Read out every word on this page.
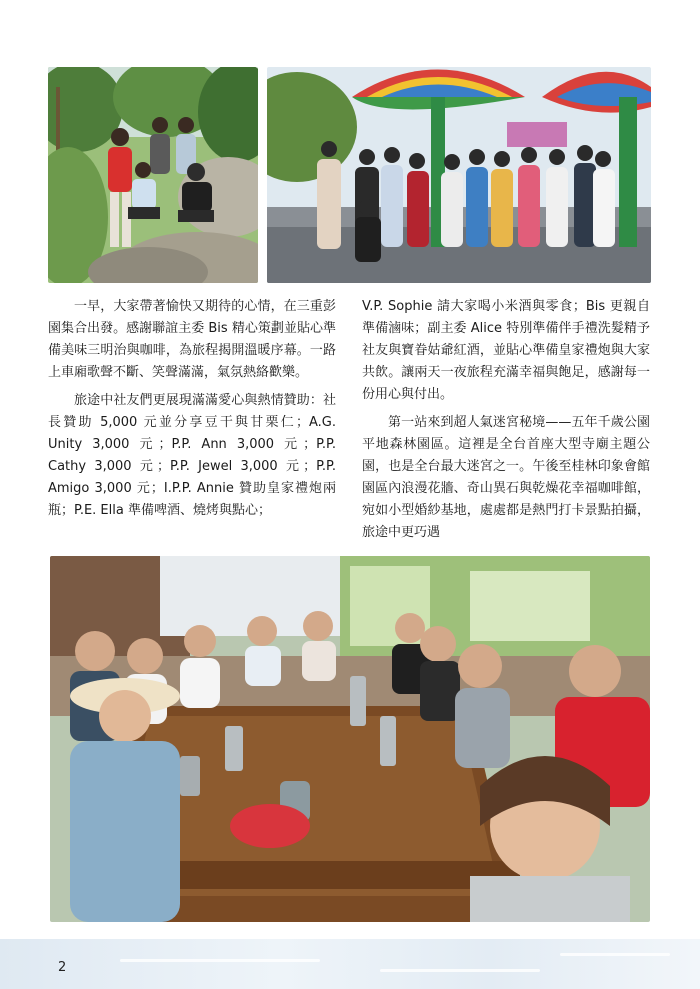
一早，大家帶著愉快又期待的心情，在三重彭園集合出發。感謝聯誼主委 Bis 精心策劃並貼心準備美味三明治與咖啡，為旅程揭開溫暖序幕。一路上車廂歌聲不斷、笑聲滿滿，氣氛熱絡歡樂。

旅途中社友們更展現滿滿愛心與熱情贊助：社長贊助 5,000 元並分享豆干與甘栗仁；A.G. Unity 3,000 元；P.P. Ann 3,000 元；P.P. Cathy 3,000 元；P.P. Jewel 3,000 元；P.P. Amigo 3,000 元；I.P.P. Annie 贊助皇家禮炮兩瓶；P.E. Ella 準備啤酒、燒烤與點心；

V.P. Sophie 請大家喝小米酒與零食；Bis 更親自準備滷味；副主委 Alice 特別準備伴手禮洗髮精予社友與寶眷姑爺紅酒，並貼心準備皇家禮炮與大家共飲。讓兩天一夜旅程充滿幸福與飽足，感謝每一份用心與付出。

第一站來到超人氣迷宮秘境——五年千歲公園平地森林園區。這裡是全台首座大型寺廟主題公園，也是全台最大迷宮之一。午後至桂林印象會館園區內浪漫花牆、奇山異石與乾燥花幸福咖啡館，宛如小型婚紗基地，處處都是熱門打卡景點拍攝，旅途中更巧遇

2
